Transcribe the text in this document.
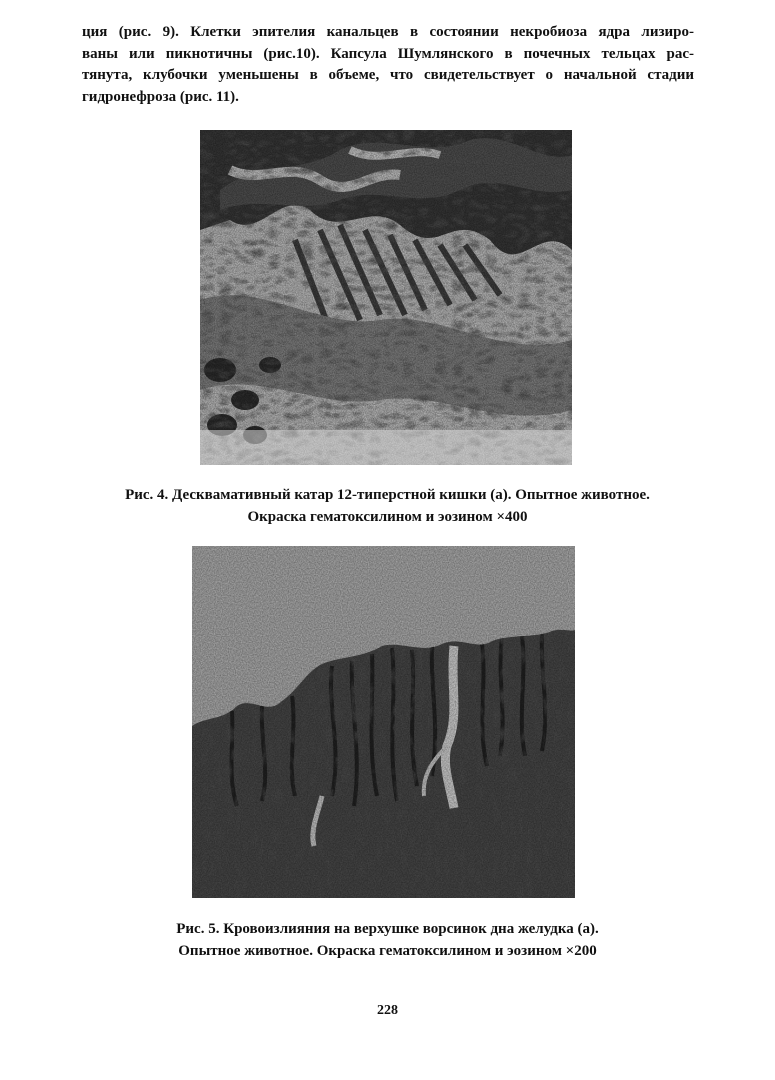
ция (рис. 9). Клетки эпителия канальцев в состоянии некробиоза ядра лизиро-
ваны или пикнотичны (рис.10). Капсула Шумлянского в почечных тельцах рас-
тянута, клубочки уменьшены в объеме, что свидетельствует о начальной стадии
гидронефроза (рис. 11).
Рис. 4. Десквамативный катар 12-типерстной кишки (а). Опытное животное.
Окраска гематоксилином и эозином ×400
Рис. 5. Кровоизлияния на верхушке ворсинок дна желудка (а).
Опытное животное. Окраска гематоксилином и эозином ×200
228
